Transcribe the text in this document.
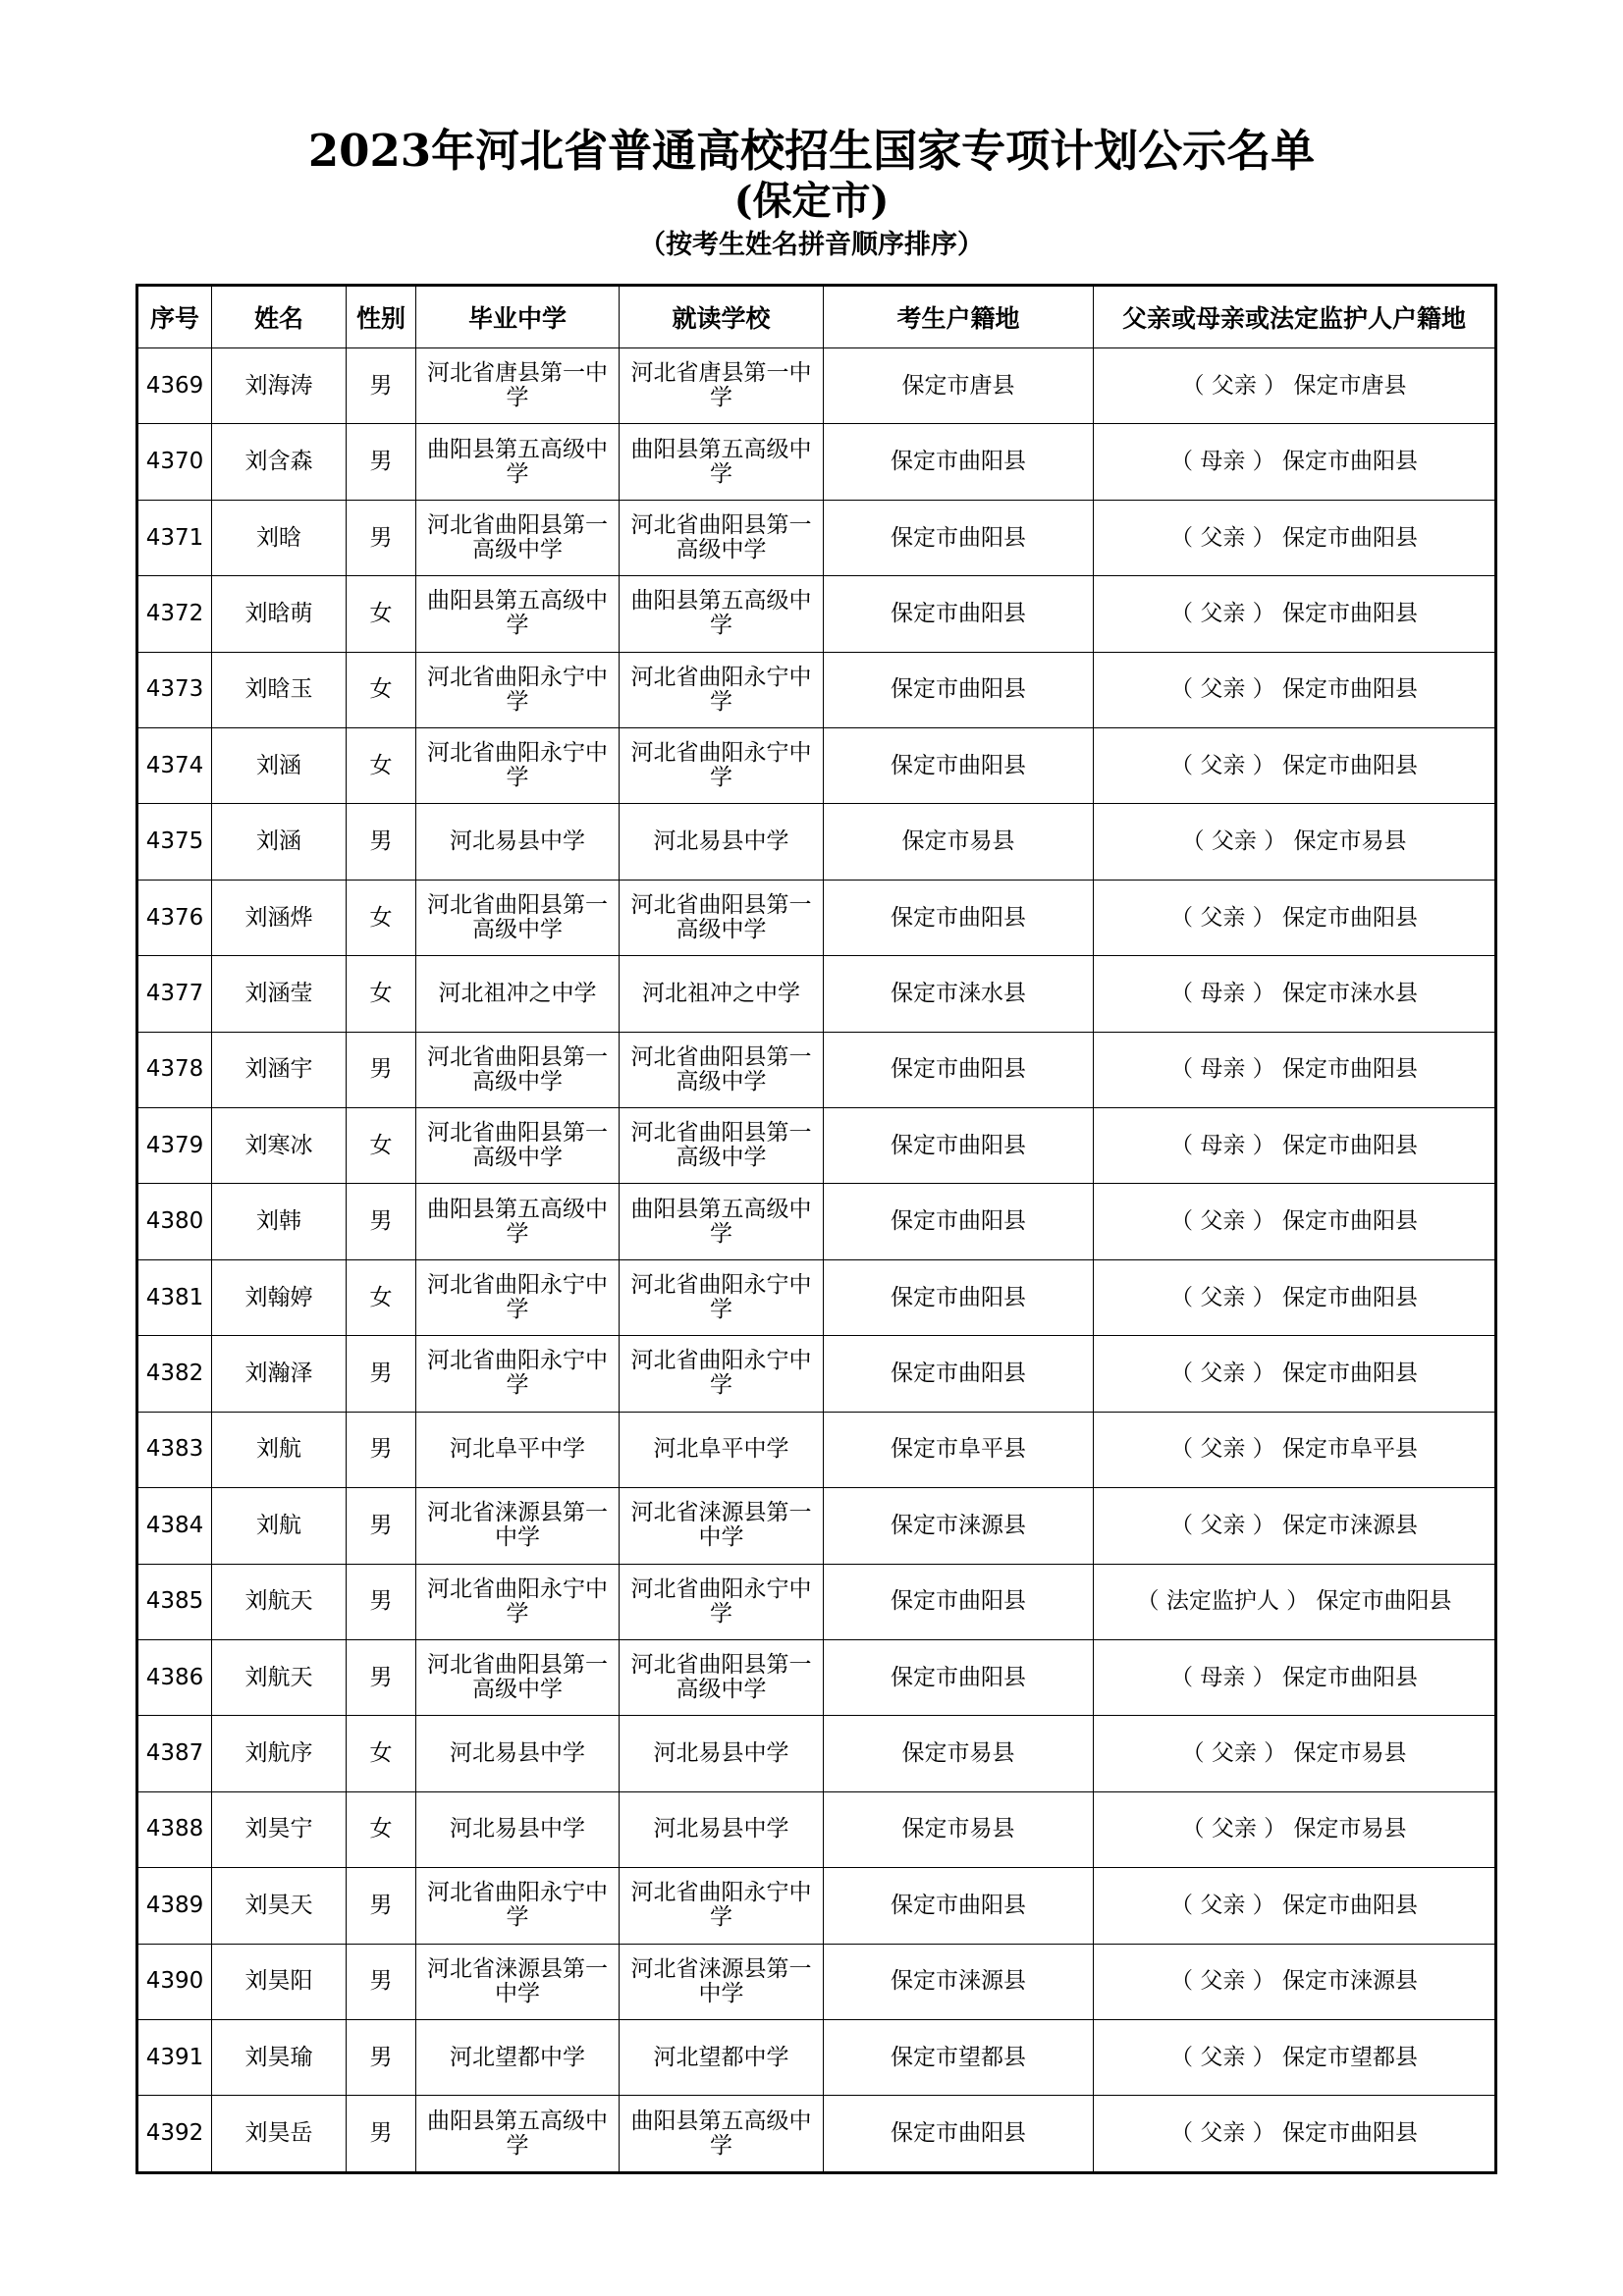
2023年河北省普通高校招生国家专项计划公示名单
(保定市)
（按考生姓名拼音顺序排序）
序号	姓名	性别	毕业中学	就读学校	考生户籍地	父亲或母亲或法定监护人户籍地
4369	刘海涛	男	河北省唐县第一中学	河北省唐县第一中学	保定市唐县	（ 父亲 ） 保定市唐县
4370	刘含森	男	曲阳县第五高级中学	曲阳县第五高级中学	保定市曲阳县	（ 母亲 ） 保定市曲阳县
4371	刘晗	男	河北省曲阳县第一高级中学	河北省曲阳县第一高级中学	保定市曲阳县	（ 父亲 ） 保定市曲阳县
4372	刘晗萌	女	曲阳县第五高级中学	曲阳县第五高级中学	保定市曲阳县	（ 父亲 ） 保定市曲阳县
4373	刘晗玉	女	河北省曲阳永宁中学	河北省曲阳永宁中学	保定市曲阳县	（ 父亲 ） 保定市曲阳县
4374	刘涵	女	河北省曲阳永宁中学	河北省曲阳永宁中学	保定市曲阳县	（ 父亲 ） 保定市曲阳县
4375	刘涵	男	河北易县中学	河北易县中学	保定市易县	（ 父亲 ） 保定市易县
4376	刘涵烨	女	河北省曲阳县第一高级中学	河北省曲阳县第一高级中学	保定市曲阳县	（ 父亲 ） 保定市曲阳县
4377	刘涵莹	女	河北祖冲之中学	河北祖冲之中学	保定市涞水县	（ 母亲 ） 保定市涞水县
4378	刘涵宇	男	河北省曲阳县第一高级中学	河北省曲阳县第一高级中学	保定市曲阳县	（ 母亲 ） 保定市曲阳县
4379	刘寒冰	女	河北省曲阳县第一高级中学	河北省曲阳县第一高级中学	保定市曲阳县	（ 母亲 ） 保定市曲阳县
4380	刘韩	男	曲阳县第五高级中学	曲阳县第五高级中学	保定市曲阳县	（ 父亲 ） 保定市曲阳县
4381	刘翰婷	女	河北省曲阳永宁中学	河北省曲阳永宁中学	保定市曲阳县	（ 父亲 ） 保定市曲阳县
4382	刘瀚泽	男	河北省曲阳永宁中学	河北省曲阳永宁中学	保定市曲阳县	（ 父亲 ） 保定市曲阳县
4383	刘航	男	河北阜平中学	河北阜平中学	保定市阜平县	（ 父亲 ） 保定市阜平县
4384	刘航	男	河北省涞源县第一中学	河北省涞源县第一中学	保定市涞源县	（ 父亲 ） 保定市涞源县
4385	刘航天	男	河北省曲阳永宁中学	河北省曲阳永宁中学	保定市曲阳县	（ 法定监护人 ） 保定市曲阳县
4386	刘航天	男	河北省曲阳县第一高级中学	河北省曲阳县第一高级中学	保定市曲阳县	（ 母亲 ） 保定市曲阳县
4387	刘航序	女	河北易县中学	河北易县中学	保定市易县	（ 父亲 ） 保定市易县
4388	刘昊宁	女	河北易县中学	河北易县中学	保定市易县	（ 父亲 ） 保定市易县
4389	刘昊天	男	河北省曲阳永宁中学	河北省曲阳永宁中学	保定市曲阳县	（ 父亲 ） 保定市曲阳县
4390	刘昊阳	男	河北省涞源县第一中学	河北省涞源县第一中学	保定市涞源县	（ 父亲 ） 保定市涞源县
4391	刘昊瑜	男	河北望都中学	河北望都中学	保定市望都县	（ 父亲 ） 保定市望都县
4392	刘昊岳	男	曲阳县第五高级中学	曲阳县第五高级中学	保定市曲阳县	（ 父亲 ） 保定市曲阳县
